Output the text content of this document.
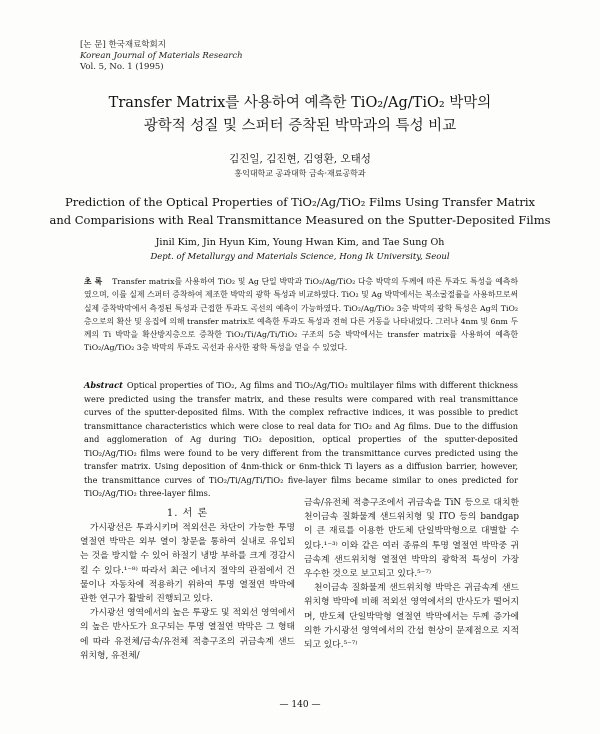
[논 문] 한국재료학회지
Korean Journal of Materials Research
Vol. 5, No. 1 (1995)
Transfer Matrix를 사용하여 예측한 TiO₂/Ag/TiO₂ 박막의
광학적 성질 및 스퍼터 증착된 박막과의 특성 비교
김진일, 김진현, 김영환, 오태성
홍익대학교 공과대학 금속·재료공학과
Prediction of the Optical Properties of TiO₂/Ag/TiO₂ Films Using Transfer Matrix
and Comparisions with Real Transmittance Measured on the Sputter-Deposited Films
Jinil Kim, Jin Hyun Kim, Young Hwan Kim, and Tae Sung Oh
Dept. of Metallurgy and Materials Science, Hong Ik University, Seoul
초 록 Transfer matrix를 사용하여 TiO₂ 및 Ag 단일 박막과 TiO₂/Ag/TiO₂ 다층 박막의 두께에 따른 투과도 특성을 예측하였으며, 이를 실제 스퍼터 증착하여 제조한 박막의 광학 특성과 비교하였다. TiO₂ 및 Ag 박막에서는 복소굴절률을 사용하므로써 실제 증착박막에서 측정된 특성과 근접한 투과도 곡선의 예측이 가능하였다. TiO₂/Ag/TiO₂ 3층 박막의 광학 특성은 Ag의 TiO₂층으로의 확산 및 응집에 의해 transfer matrix로 예측한 투과도 특성과 전혀 다른 거동을 나타내었다. 그러나 4nm 및 6nm 두께의 Ti 박막을 확산방지층으로 증착한 TiO₂/Ti/Ag/Ti/TiO₂ 구조의 5층 박막에서는 transfer matrix를 사용하여 예측한 TiO₂/Ag/TiO₂ 3층 박막의 투과도 곡선과 유사한 광학 특성을 얻을 수 있었다.
Abstract Optical properties of TiO₂, Ag films and TiO₂/Ag/TiO₂ multilayer films with different thickness were predicted using the transfer matrix, and these results were compared with real transmittance curves of the sputter-deposited films. With the complex refractive indices, it was possible to predict transmittance characteristics which were close to real data for TiO₂ and Ag films. Due to the diffusion and agglomeration of Ag during TiO₂ deposition, optical properties of the sputter-deposited TiO₂/Ag/TiO₂ films were found to be very different from the transmittance curves predicted using the transfer matrix. Using deposition of 4nm-thick or 6nm-thick Ti layers as a diffusion barrier, however, the transmittance curves of TiO₂/Ti/Ag/Ti/TiO₂ five-layer films became similar to ones predicted for TiO₂/Ag/TiO₂ three-layer films.
1. 서 론

가시광선은 투과시키며 적외선은 차단이 가능한 투명 열절연 박막은 외부 열이 창문을 통하여 실내로 유입되는 것을 방지할 수 있어 하절기 냉방 부하를 크게 경감시킬 수 있다.¹⁻⁸⁾ 따라서 최근 에너지 절약의 관점에서 건물이나 자동차에 적용하기 위하여 투명 열절연 박막에 관한 연구가 활발히 진행되고 있다.

가시광선 영역에서의 높은 투광도 및 적외선 영역에서의 높은 반사도가 요구되는 투명 열절연 박막은 그 형태에 따라 유전체/금속/유전체 적층구조의 귀금속계 샌드위치형, 유전체/

금속/유전체 적층구조에서 귀금속을 TiN 등으로 대치한 천이금속 질화물계 샌드위치형 및 ITO 등의 bandgap이 큰 재료를 이용한 반도체 단일박막형으로 대별할 수 있다.¹⁻³⁾ 이와 같은 여러 종류의 투명 열절연 박막중 귀금속계 샌드위치형 열절연 박막의 광학적 특성이 가장 우수한 것으로 보고되고 있다.⁵⁻⁷⁾

천이금속 질화물계 샌드위치형 박막은 귀금속계 샌드위치형 박막에 비해 적외선 영역에서의 반사도가 떨어지며, 반도체 단일박막형 열절연 박막에서는 두께 증가에 의한 가시광선 영역에서의 간섭 현상이 문제점으로 지적되고 있다.⁵⁻⁷⁾

— 140 —
